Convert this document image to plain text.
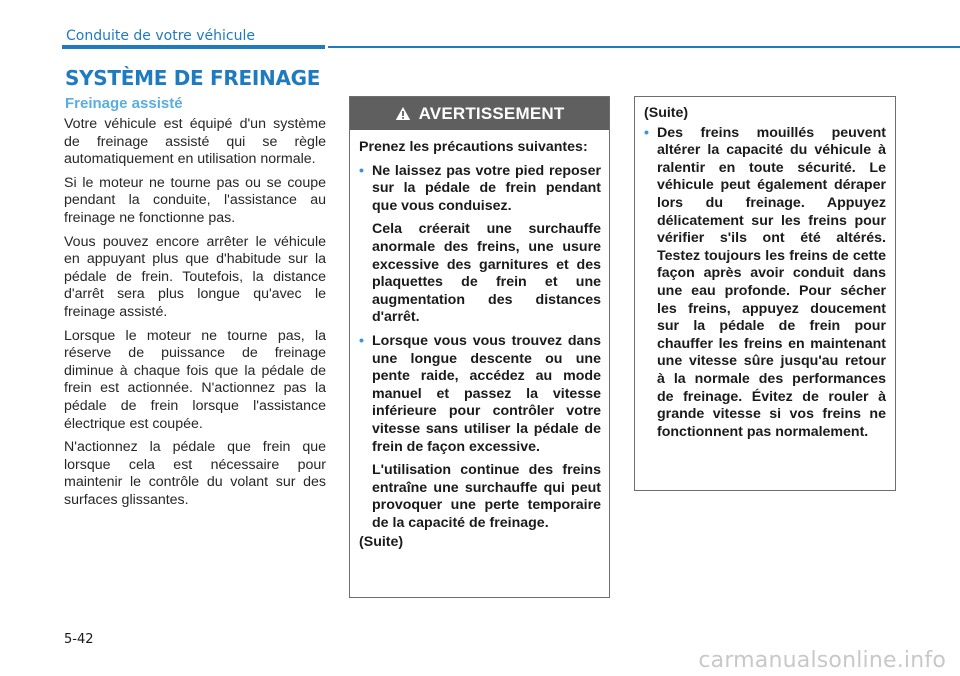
Conduite de votre véhicule
SYSTÈME DE FREINAGE
Freinage assisté

Votre véhicule est équipé d'un système de freinage assisté qui se règle automatiquement en utilisation normale.

Si le moteur ne tourne pas ou se coupe pendant la conduite, l'assistance au freinage ne fonctionne pas.

Vous pouvez encore arrêter le véhicule en appuyant plus que d'habitude sur la pédale de frein. Toutefois, la distance d'arrêt sera plus longue qu'avec le freinage assisté.

Lorsque le moteur ne tourne pas, la réserve de puissance de freinage diminue à chaque fois que la pédale de frein est actionnée. N'actionnez pas la pédale de frein lorsque l'assistance électrique est coupée.

N'actionnez la pédale que frein que lorsque cela est nécessaire pour maintenir le contrôle du volant sur des surfaces glissantes.

AVERTISSEMENT

Prenez les précautions suivantes:

• Ne laissez pas votre pied reposer sur la pédale de frein pendant que vous conduisez.

Cela créerait une surchauffe anormale des freins, une usure excessive des garnitures et des plaquettes de frein et une augmentation des distances d'arrêt.

• Lorsque vous vous trouvez dans une longue descente ou une pente raide, accédez au mode manuel et passez la vitesse inférieure pour contrôler votre vitesse sans utiliser la pédale de frein de façon excessive.

L'utilisation continue des freins entraîne une surchauffe qui peut provoquer une perte temporaire de la capacité de freinage.

(Suite)

(Suite)

• Des freins mouillés peuvent altérer la capacité du véhicule à ralentir en toute sécurité. Le véhicule peut également déraper lors du freinage. Appuyez délicatement sur les freins pour vérifier s'ils ont été altérés. Testez toujours les freins de cette façon après avoir conduit dans une eau profonde. Pour sécher les freins, appuyez doucement sur la pédale de frein pour chauffer les freins en maintenant une vitesse sûre jusqu'au retour à la normale des performances de freinage. Évitez de rouler à grande vitesse si vos freins ne fonctionnent pas normalement.
5-42
carmanualsonline.info
